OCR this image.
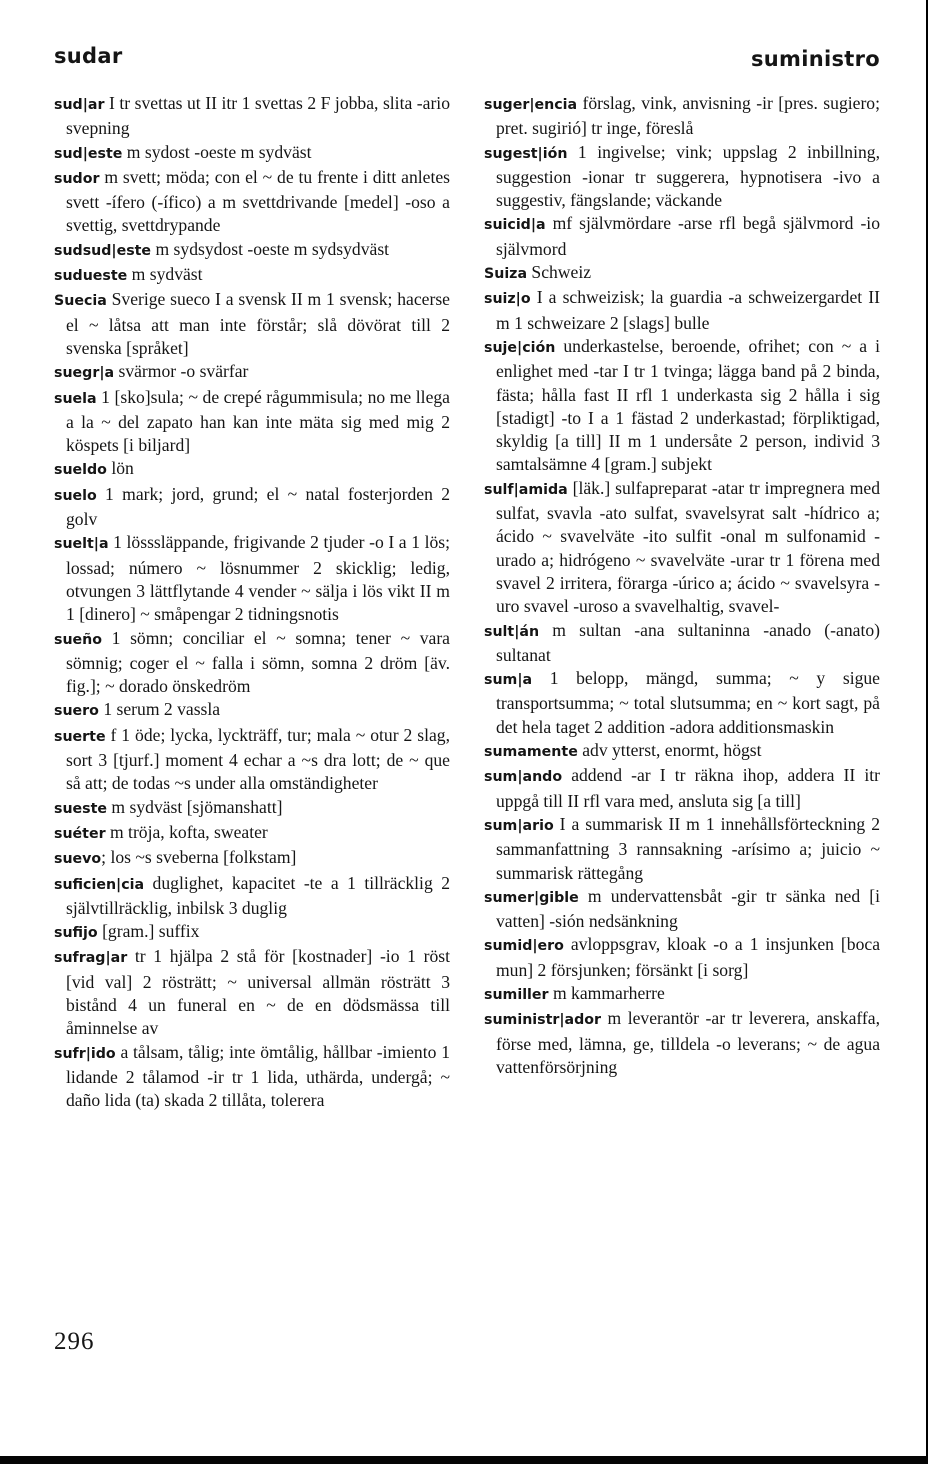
sudar	suministro

sud|ar I tr svettas ut II itr 1 svettas 2 F jobba, slita -ario svepning

sud|este m sydost -oeste m sydväst

sudor m svett; möda; con el ~ de tu frente i ditt anletes svett -ífero (-ífico) a m svettdrivande [medel] -oso a svettig, svettdrypande

sudsud|este m sydsydost -oeste m sydsydväst

sudueste m sydväst

Suecia Sverige sueco I a svensk II m 1 svensk; hacerse el ~ låtsa att man inte förstår; slå dövörat till 2 svenska [språket]

suegr|a svärmor -o svärfar

suela 1 [sko]sula; ~ de crepé rågummisula; no me llega a la ~ del zapato han kan inte mäta sig med mig 2 köspets [i biljard]

sueldo lön

suelo 1 mark; jord, grund; el ~ natal fosterjorden 2 golv

suelt|a 1 lösssläppande, frigivande 2 tjuder -o I a 1 lös; lossad; número ~ lösnummer 2 skicklig; ledig, otvungen 3 lättflytande 4 vender ~ sälja i lös vikt II m 1 [dinero] ~ småpengar 2 tidningsnotis

sueño 1 sömn; conciliar el ~ somna; tener ~ vara sömnig; coger el ~ falla i sömn, somna 2 dröm [äv. fig.]; ~ dorado önskedröm

suero 1 serum 2 vassla

suerte f 1 öde; lycka, lyckträff, tur; mala ~ otur 2 slag, sort 3 [tjurf.] moment 4 echar a ~s dra lott; de ~ que så att; de todas ~s under alla omständigheter

sueste m sydväst [sjömanshatt]

suéter m tröja, kofta, sweater

suevo; los ~s sveberna [folkstam]

suficien|cia duglighet, kapacitet -te a 1 tillräcklig 2 självtillräcklig, inbilsk 3 duglig

sufijo [gram.] suffix

sufrag|ar tr 1 hjälpa 2 stå för [kostnader] -io 1 röst [vid val] 2 rösträtt; ~ universal allmän rösträtt 3 bistånd 4 un funeral en ~ de en dödsmässa till åminnelse av

sufr|ido a tålsam, tålig; inte ömtålig, hållbar -imiento 1 lidande 2 tålamod -ir tr 1 lida, uthärda, undergå; ~ daño lida (ta) skada 2 tillåta, tolerera

suger|encia förslag, vink, anvisning -ir [pres. sugiero; pret. sugirió] tr inge, föreslå

sugest|ión 1 ingivelse; vink; uppslag 2 inbillning, suggestion -ionar tr suggerera, hypnotisera -ivo a suggestiv, fängslande; väckande

suicid|a mf självmördare -arse rfl begå självmord -io självmord

Suiza Schweiz

suiz|o I a schweizisk; la guardia -a schweizergardet II m 1 schweizare 2 [slags] bulle

suje|ción underkastelse, beroende, ofrihet; con ~ a i enlighet med -tar I tr 1 tvinga; lägga band på 2 binda, fästa; hålla fast II rfl 1 underkasta sig 2 hålla i sig [stadigt] -to I a 1 fästad 2 underkastad; förpliktigad, skyldig [a till] II m 1 undersåte 2 person, individ 3 samtalsämne 4 [gram.] subjekt

sulf|amida [läk.] sulfapreparat -atar tr impregnera med sulfat, svavla -ato sulfat, svavelsyrat salt -hídrico a; ácido ~ svavelväte -ito sulfit -onal m sulfonamid -urado a; hidrógeno ~ svavelväte -urar tr 1 förena med svavel 2 irritera, förarga -úrico a; ácido ~ svavelsyra -uro svavel -uroso a svavelhaltig, svavel-

sult|án m sultan -ana sultaninna -anado (-anato) sultanat

sum|a 1 belopp, mängd, summa; ~ y sigue transportsumma; ~ total slutsumma; en ~ kort sagt, på det hela taget 2 addition -adora additionsmaskin

sumamente adv ytterst, enormt, högst

sum|ando addend -ar I tr räkna ihop, addera II itr uppgå till II rfl vara med, ansluta sig [a till]

sum|ario I a summarisk II m 1 innehållsförteckning 2 sammanfattning 3 rannsakning -arísimo a; juicio ~ summarisk rättegång

sumer|gible m undervattensbåt -gir tr sänka ned [i vatten] -sión nedsänkning

sumid|ero avloppsgrav, kloak -o a 1 insjunken [boca mun] 2 försjunken; försänkt [i sorg]

sumiller m kammarherre

suministr|ador m leverantör -ar tr leverera, anskaffa, förse med, lämna, ge, tilldela -o leverans; ~ de agua vattenförsörjning

296
